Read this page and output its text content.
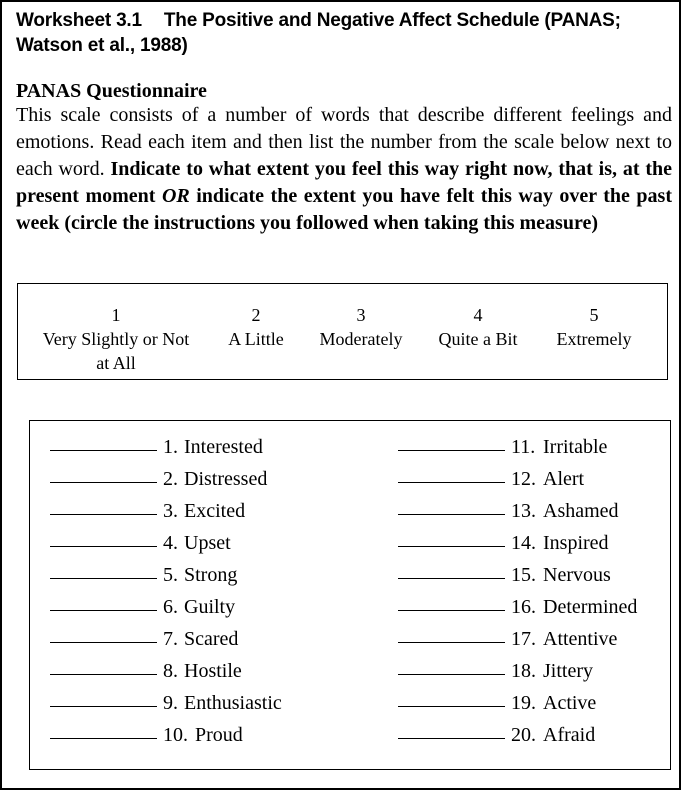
Worksheet 3.1 The Positive and Negative Affect Schedule (PANAS;
Watson et al., 1988)
PANAS Questionnaire
This scale consists of a number of words that describe different feelings and emotions. Read each item and then list the number from the scale below next to each word. Indicate to what extent you feel this way right now, that is, at the present moment OR indicate the extent you have felt this way over the past week (circle the instructions you followed when taking this measure)
1
Very Slightly or Not
at All
2
A Little
3
Moderately
4
Quite a Bit
5
Extremely
1. Interested
2. Distressed
3. Excited
4. Upset
5. Strong
6. Guilty
7. Scared
8. Hostile
9. Enthusiastic
10. Proud
11. Irritable
12. Alert
13. Ashamed
14. Inspired
15. Nervous
16. Determined
17. Attentive
18. Jittery
19. Active
20. Afraid
